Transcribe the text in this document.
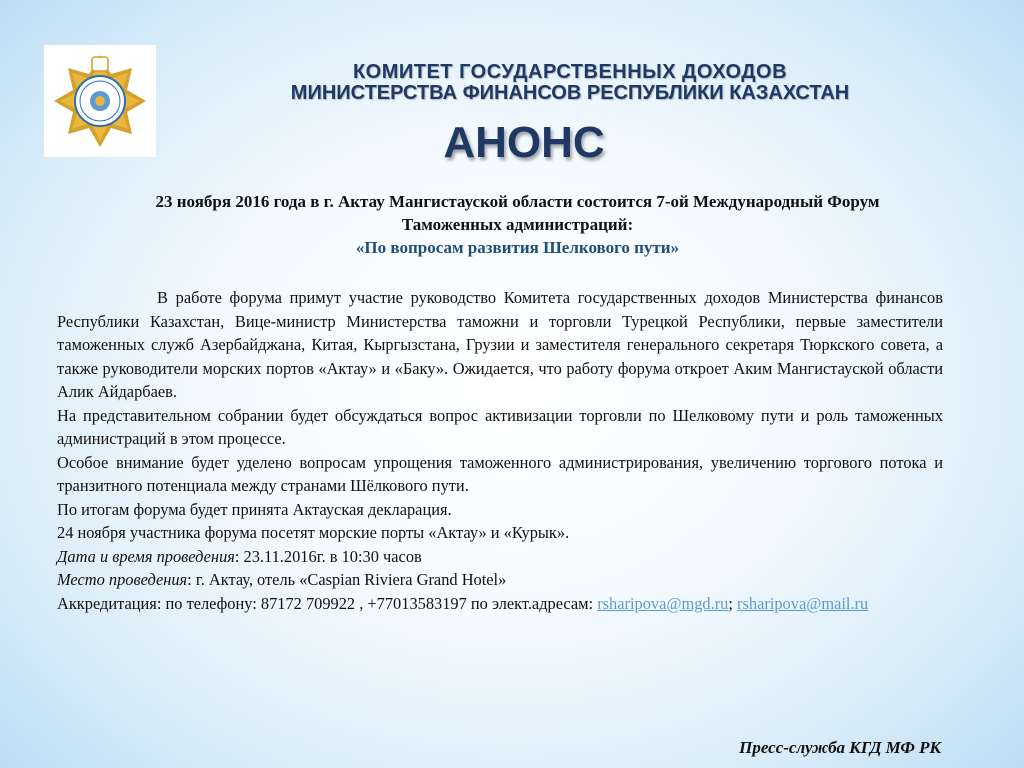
КОМИТЕТ ГОСУДАРСТВЕННЫХ ДОХОДОВ
МИНИСТЕРСТВА ФИНАНСОВ РЕСПУБЛИКИ КАЗАХСТАН
АНОНС
23 ноября 2016 года в г. Актау Мангистауской области состоится 7-ой Международный Форум
Таможенных администраций:
«По вопросам развития Шелкового пути»

В работе форума примут участие руководство Комитета государственных доходов Министерства финансов Республики Казахстан, Вице-министр Министерства таможни и торговли Турецкой Республики, первые заместители таможенных служб Азербайджана, Китая, Кыргызстана, Грузии и заместителя генерального секретаря Тюркского совета, а также руководители морских портов «Актау» и «Баку». Ожидается, что работу форума откроет Аким Мангистауской области Алик Айдарбаев.

На представительном собрании будет обсуждаться вопрос активизации торговли по Шелковому пути и роль таможенных администраций в этом процессе.

Особое внимание будет уделено вопросам упрощения таможенного администрирования, увеличению торгового потока и транзитного потенциала между странами Шёлкового пути.

По итогам форума будет принята Актауская декларация.

24 ноября участника форума посетят морские порты «Актау» и «Курык».

Дата и время проведения: 23.11.2016г. в 10:30 часов

Место проведения: г. Актау, отель «Caspian Riviera Grand Hotel»

Аккредитация: по телефону: 87172 709922 , +77013583197 по элект.адресам: rsharipova@mgd.ru; rsharipova@mail.ru

Пресс-служба КГД МФ РК
